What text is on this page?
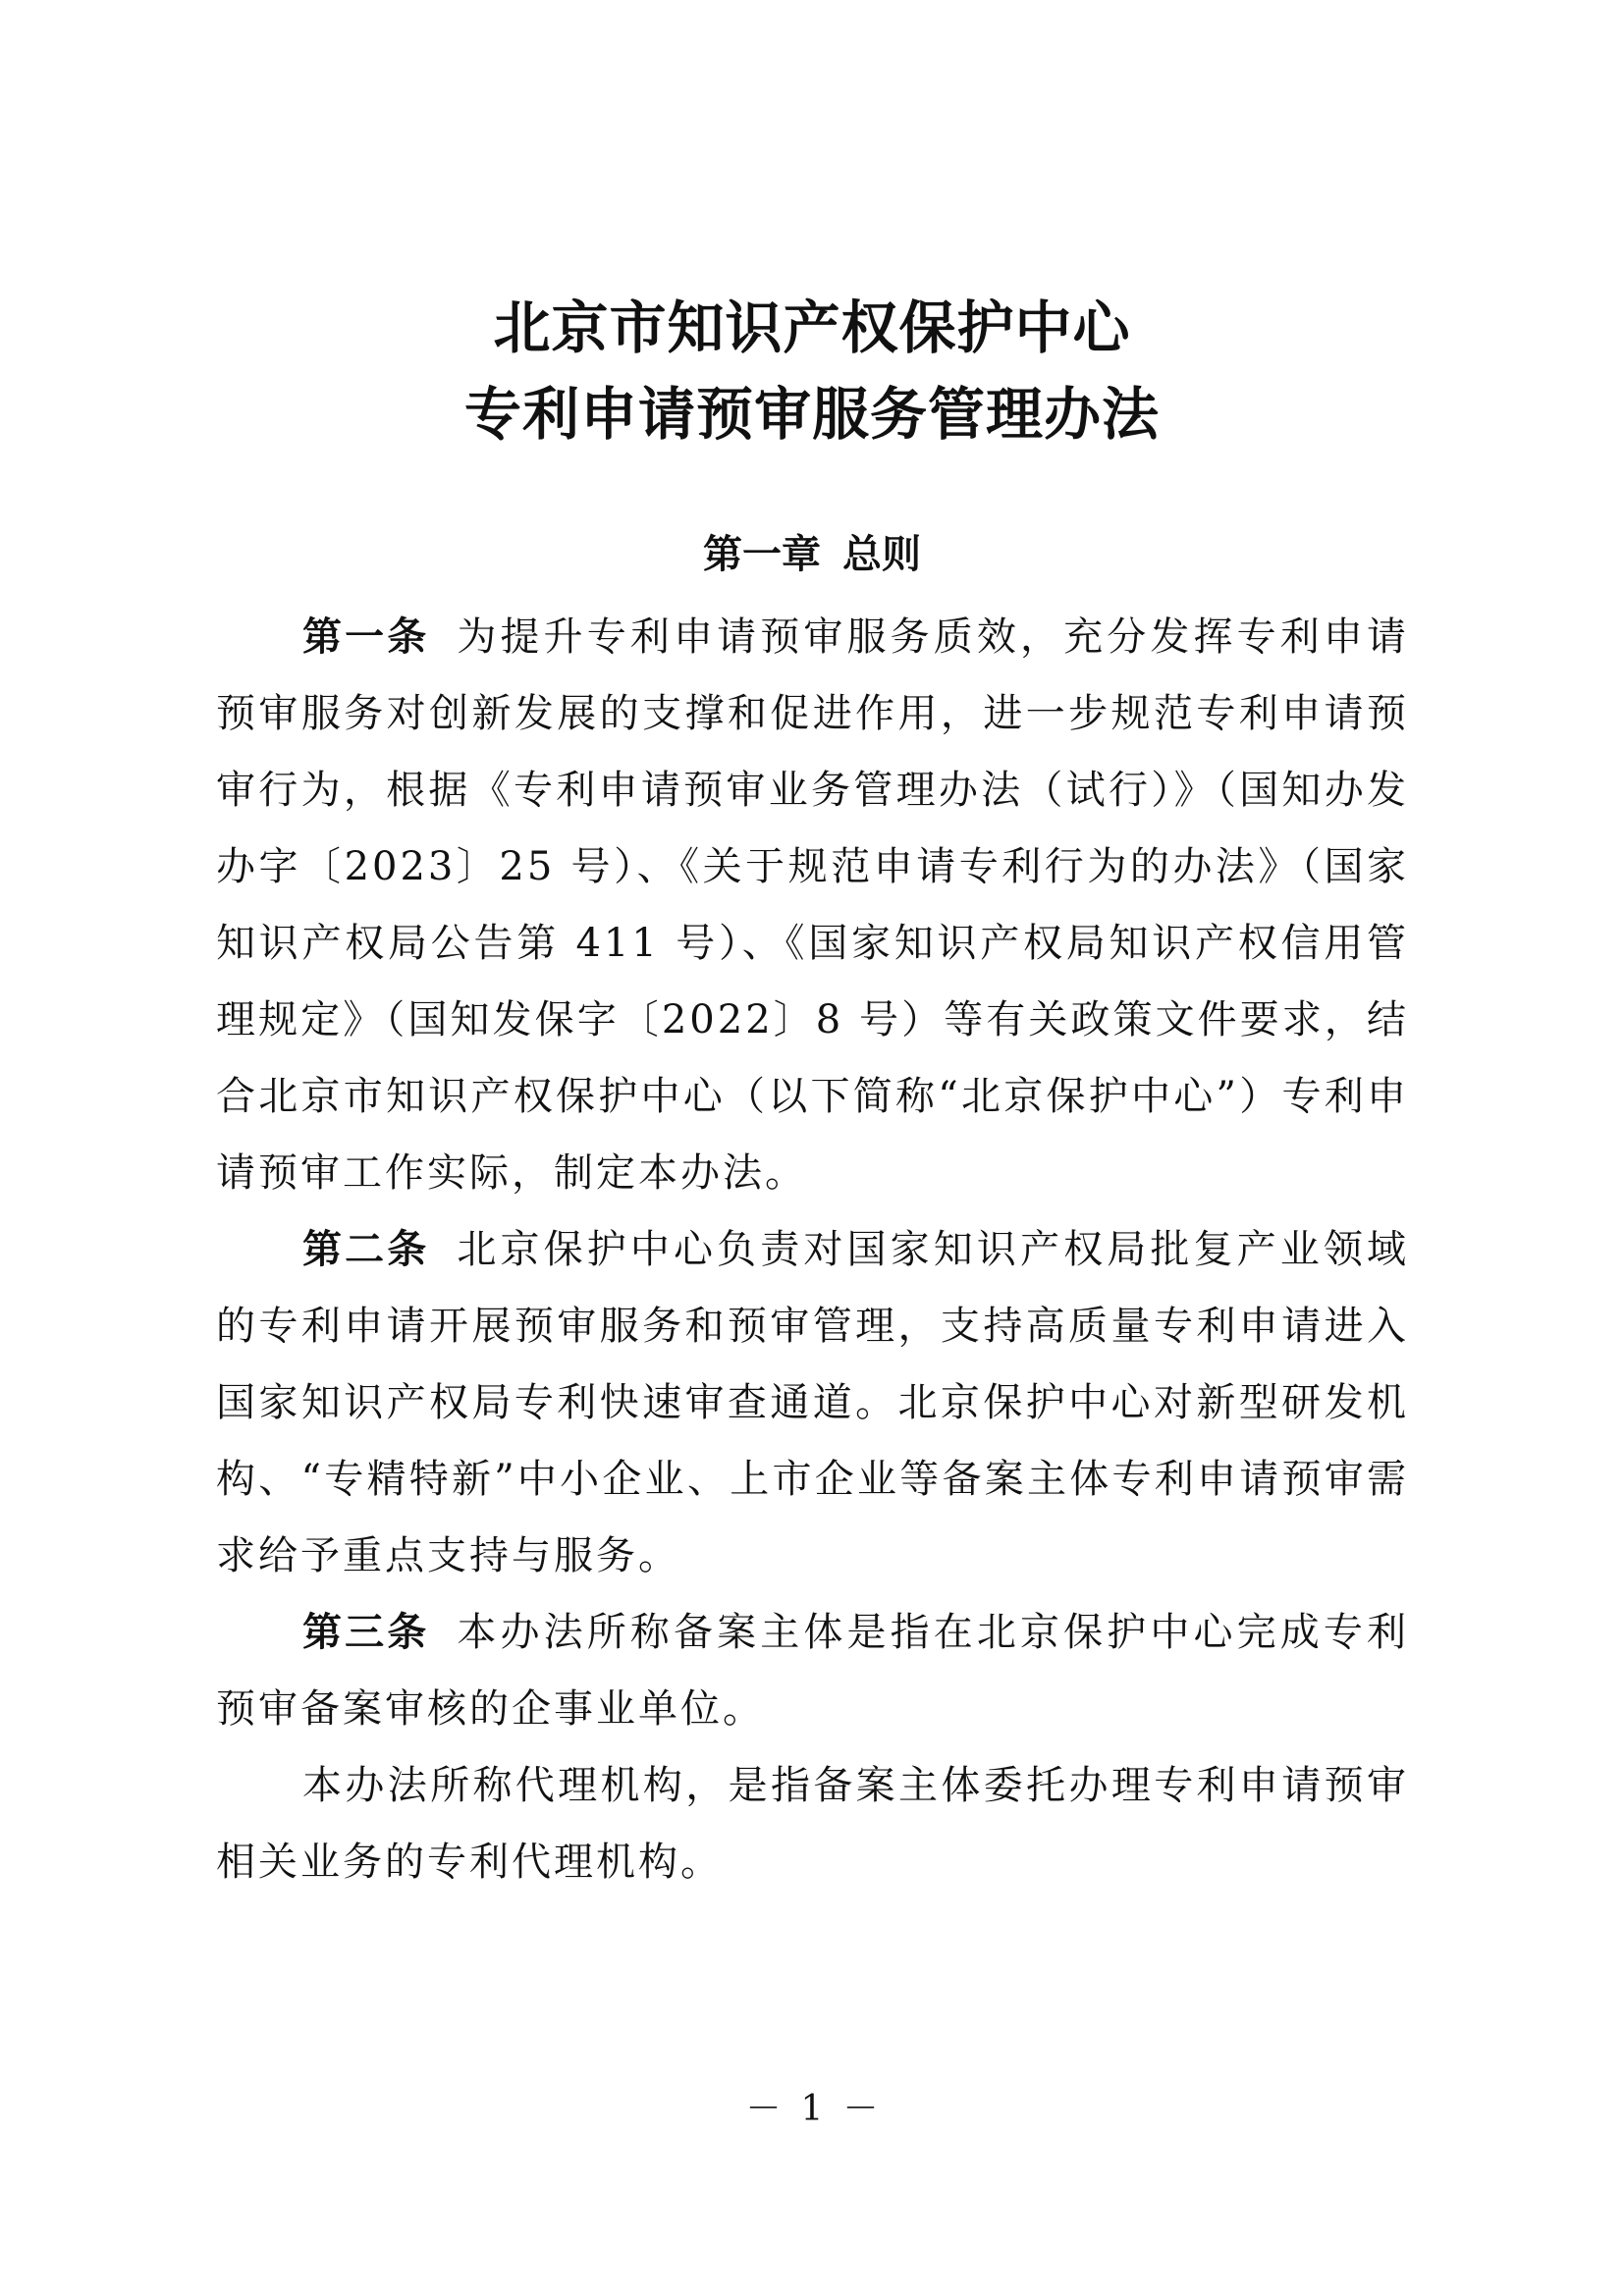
北京市知识产权保护中心
专利申请预审服务管理办法
第一章 总则

第一条 为提升专利申请预审服务质效，充分发挥专利申请预审服务对创新发展的支撑和促进作用，进一步规范专利申请预审行为，根据《专利申请预审业务管理办法（试行）》（国知办发办字〔2023〕25 号）、《关于规范申请专利行为的办法》（国家知识产权局公告第 411 号）、《国家知识产权局知识产权信用管理规定》（国知发保字〔2022〕8 号）等有关政策文件要求，结合北京市知识产权保护中心（以下简称“北京保护中心”）专利申请预审工作实际，制定本办法。

第二条 北京保护中心负责对国家知识产权局批复产业领域的专利申请开展预审服务和预审管理，支持高质量专利申请进入国家知识产权局专利快速审查通道。北京保护中心对新型研发机构、“专精特新”中小企业、上市企业等备案主体专利申请预审需求给予重点支持与服务。

第三条 本办法所称备案主体是指在北京保护中心完成专利预审备案审核的企事业单位。

本办法所称代理机构，是指备案主体委托办理专利申请预审相关业务的专利代理机构。

－ 1 －
